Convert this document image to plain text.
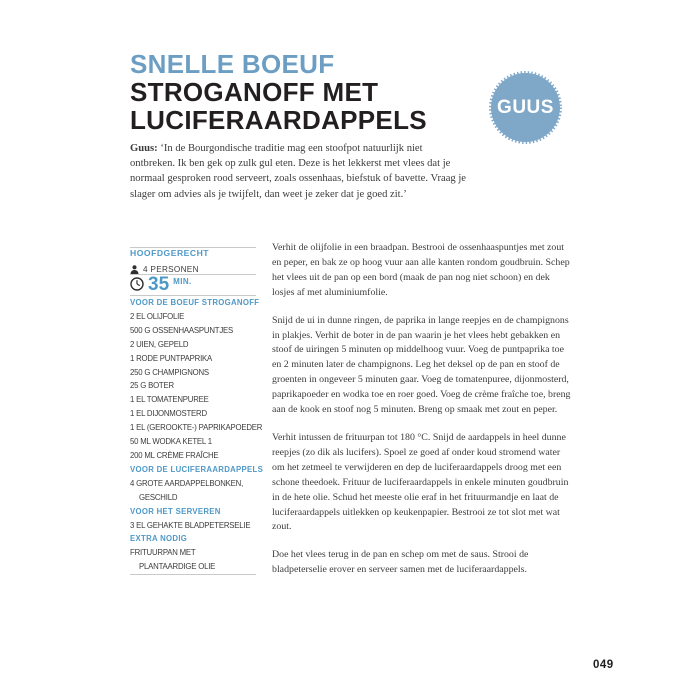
SNELLE BOEUF
STROGANOFF MET
LUCIFERAARDAPPELS	GUUS

Guus: ‘In de Bourgondische traditie mag een stoofpot natuurlijk niet ontbreken. Ik ben gek op zulk gul eten. Deze is het lekkerst met vlees dat je normaal gesproken rood serveert, zoals ossenhaas, biefstuk of bavette. Vraag je slager om advies als je twijfelt, dan weet je zeker dat je goed zit.’

HOOFDGERECHT
4 PERSONEN
35 MIN.
VOOR DE BOEUF STROGANOFF
2 EL OLIJFOLIE
500 G OSSENHAASPUNTJES
2 UIEN, GEPELD
1 RODE PUNTPAPRIKA
250 G CHAMPIGNONS
25 G BOTER
1 EL TOMATENPUREE
1 EL DIJONMOSTERD
1 EL (GEROOKTE-) PAPRIKAPOEDER
50 ML WODKA KETEL 1
200 ML CRÈME FRAÎCHE
VOOR DE LUCIFERAARDAPPELS
4 GROTE AARDAPPELBONKEN,
GESCHILD
VOOR HET SERVEREN
3 EL GEHAKTE BLADPETERSELIE
EXTRA NODIG
FRITUURPAN MET
PLANTAARDIGE OLIE

Verhit de olijfolie in een braadpan. Bestrooi de ossenhaaspuntjes met zout en peper, en bak ze op hoog vuur aan alle kanten rondom goudbruin. Schep het vlees uit de pan op een bord (maak de pan nog niet schoon) en dek losjes af met aluminiumfolie.

Snijd de ui in dunne ringen, de paprika in lange reepjes en de champignons in plakjes. Verhit de boter in de pan waarin je het vlees hebt gebakken en stoof de uiringen 5 minuten op middelhoog vuur. Voeg de puntpaprika toe en 2 minuten later de champignons. Leg het deksel op de pan en stoof de groenten in ongeveer 5 minuten gaar. Voeg de tomatenpuree, dijonmosterd, paprikapoeder en wodka toe en roer goed. Voeg de crème fraîche toe, breng aan de kook en stoof nog 5 minuten. Breng op smaak met zout en peper.

Verhit intussen de frituurpan tot 180 °C. Snijd de aardappels in heel dunne reepjes (zo dik als lucifers). Spoel ze goed af onder koud stromend water om het zetmeel te verwijderen en dep de luciferaardappels droog met een schone theedoek. Frituur de luciferaardappels in enkele minuten goudbruin in de hete olie. Schud het meeste olie eraf in het frituurmandje en laat de luciferaardappels uitlekken op keukenpapier. Bestrooi ze tot slot met wat zout.

Doe het vlees terug in de pan en schep om met de saus. Strooi de bladpeterselie erover en serveer samen met de luciferaardappels.

049
